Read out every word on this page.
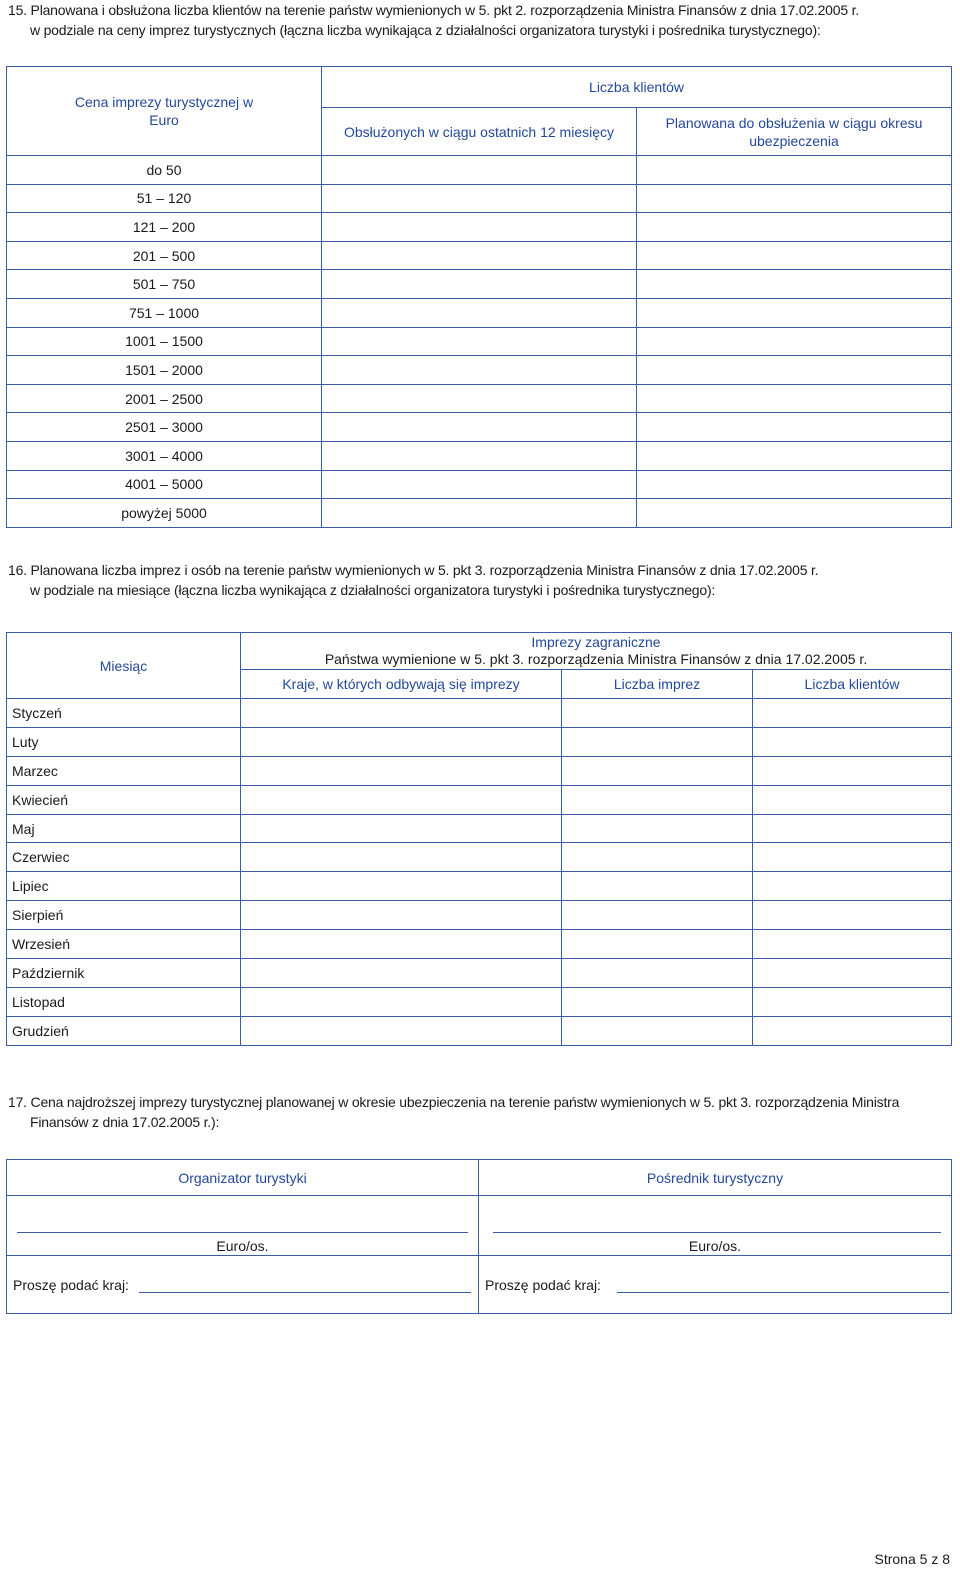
15. Planowana i obsłużona liczba klientów na terenie państw wymienionych w 5. pkt 2. rozporządzenia Ministra Finansów z dnia 17.02.2005 r.
w podziale na ceny imprez turystycznych (łączna liczba wynikająca z działalności organizatora turystyki i pośrednika turystycznego):
Cena imprezy turystycznej w Euro	Liczba klientów	
	Obsłużonych w ciągu ostatnich 12 miesięcy	Planowana do obsłużenia w ciągu okresu ubezpieczenia
do 50		
51 – 120		
121 – 200		
201 – 500		
501 – 750		
751 – 1000		
1001 – 1500		
1501 – 2000		
2001 – 2500		
2501 – 3000		
3001 – 4000		
4001 – 5000		
powyżej 5000		
16. Planowana liczba imprez i osób na terenie państw wymienionych w 5. pkt 3. rozporządzenia Ministra Finansów z dnia 17.02.2005 r.
w podziale na miesiące (łączna liczba wynikająca z działalności organizatora turystyki i pośrednika turystycznego):
Miesiąc	Imprezy zagraniczne
Państwa wymienione w 5. pkt 3. rozporządzenia Ministra Finansów z dnia 17.02.2005 r.		

	Kraje, w których odbywają się imprezy	Liczba imprez	Liczba klientów
Styczeń			
Luty			
Marzec			
Kwiecień			
Maj			
Czerwiec			
Lipiec			
Sierpień			
Wrzesień			
Październik			
Listopad			
Grudzień			
17. Cena najdroższej imprezy turystycznej planowanej w okresie ubezpieczenia na terenie państw wymienionych w 5. pkt 3. rozporządzenia Ministra
Finansów z dnia 17.02.2005 r.):
Organizator turystyki	Pośrednik turystyczny

Euro/os.	Euro/os.

Proszę podać kraj:	Proszę podać kraj:
Strona 5 z 8
